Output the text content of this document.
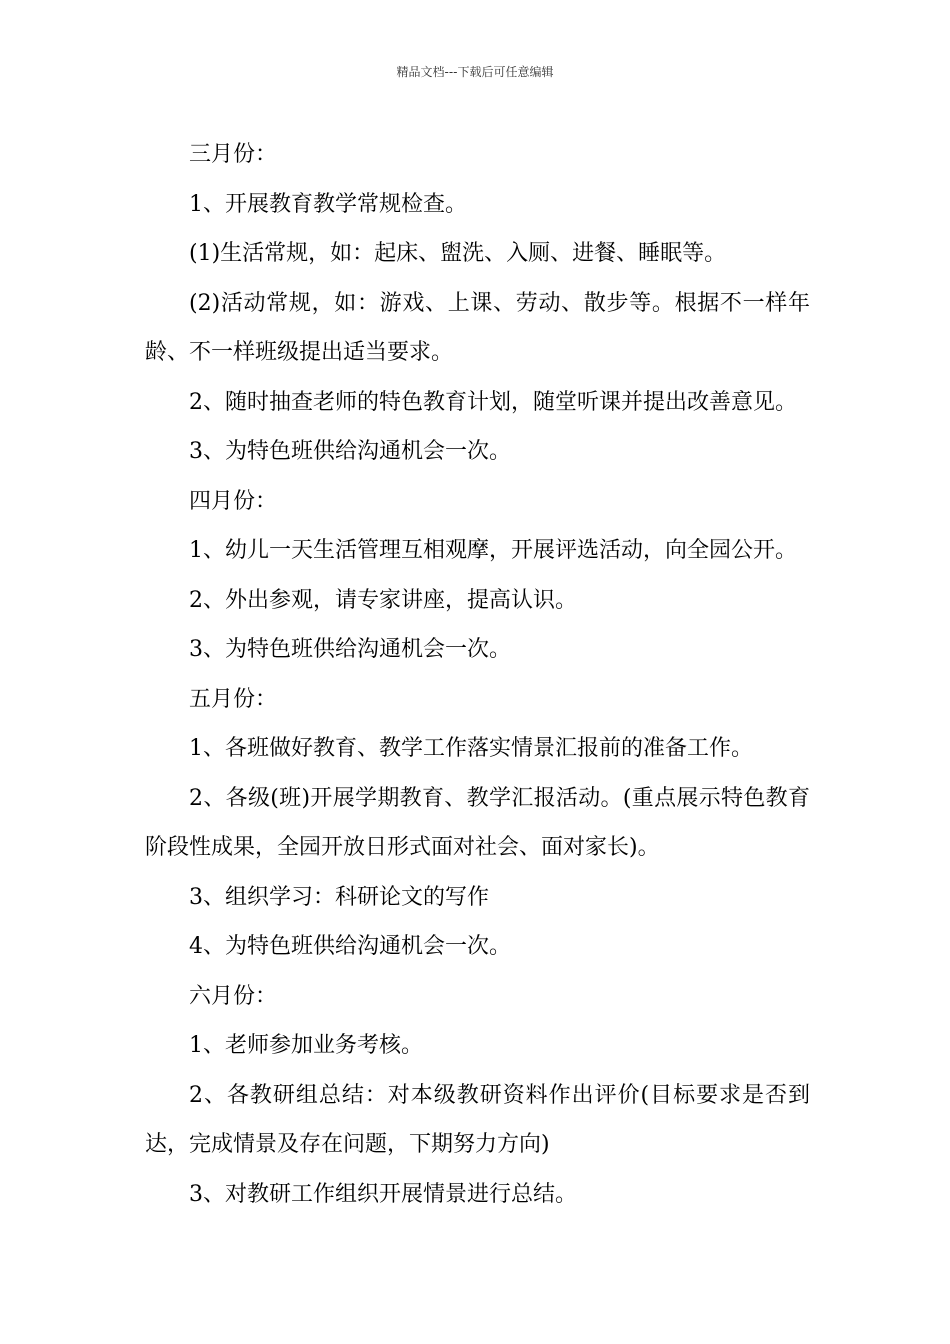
精品文档---下载后可任意编辑

三月份：

1、开展教育教学常规检查。

(1)生活常规，如：起床、盥洗、入厕、进餐、睡眠等。

(2)活动常规，如：游戏、上课、劳动、散步等。根据不一样年龄、不一样班级提出适当要求。

2、随时抽查老师的特色教育计划，随堂听课并提出改善意见。

3、为特色班供给沟通机会一次。

四月份：

1、幼儿一天生活管理互相观摩，开展评选活动，向全园公开。

2、外出参观，请专家讲座，提高认识。

3、为特色班供给沟通机会一次。

五月份：

1、各班做好教育、教学工作落实情景汇报前的准备工作。

2、各级(班)开展学期教育、教学汇报活动。(重点展示特色教育阶段性成果，全园开放日形式面对社会、面对家长)。

3、组织学习：科研论文的写作

4、为特色班供给沟通机会一次。

六月份：

1、老师参加业务考核。

2、各教研组总结：对本级教研资料作出评价(目标要求是否到达，完成情景及存在问题，下期努力方向)

3、对教研工作组织开展情景进行总结。
